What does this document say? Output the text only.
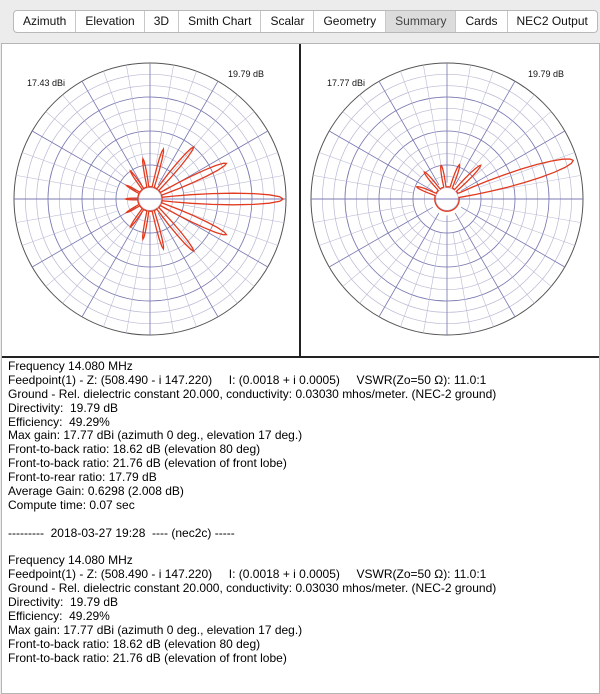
Azimuth	Elevation	3D	Smith Chart	Scalar	Geometry	Summary	Cards	NEC2 Output
17.43 dBi
19.79 dB
17.77 dBi
19.79 dB
Frequency 14.080 MHz
Feedpoint(1) - Z: (508.490 - i 147.220)     I: (0.0018 + i 0.0005)     VSWR(Zo=50 Ω): 11.0:1
Ground - Rel. dielectric constant 20.000, conductivity: 0.03030 mhos/meter. (NEC-2 ground)
Directivity:  19.79 dB
Efficiency:  49.29%
Max gain: 17.77 dBi (azimuth 0 deg., elevation 17 deg.)
Front-to-back ratio: 18.62 dB (elevation 80 deg)
Front-to-back ratio: 21.76 dB (elevation of front lobe)
Front-to-rear ratio: 17.79 dB
Average Gain: 0.6298 (2.008 dB)
Compute time: 0.07 sec
---------  2018-03-27 19:28  ---- (nec2c) -----
Frequency 14.080 MHz
Feedpoint(1) - Z: (508.490 - i 147.220)     I: (0.0018 + i 0.0005)     VSWR(Zo=50 Ω): 11.0:1
Ground - Rel. dielectric constant 20.000, conductivity: 0.03030 mhos/meter. (NEC-2 ground)
Directivity:  19.79 dB
Efficiency:  49.29%
Max gain: 17.77 dBi (azimuth 0 deg., elevation 17 deg.)
Front-to-back ratio: 18.62 dB (elevation 80 deg)
Front-to-back ratio: 21.76 dB (elevation of front lobe)
